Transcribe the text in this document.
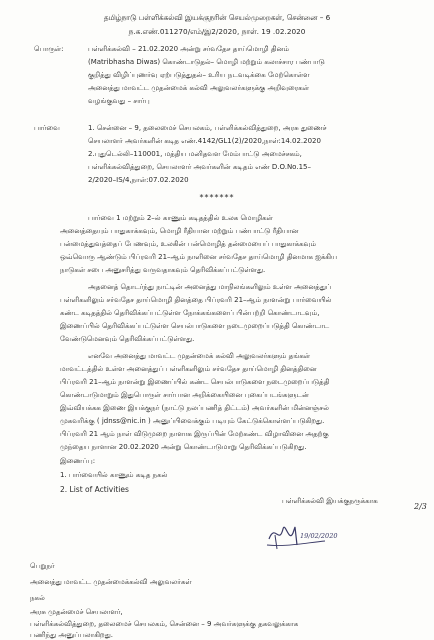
தமிழ்நாடு பள்ளிக்கல்வி இயக்குநரின் செயல்முறைகள், சென்னை – 6
ந.க.எண்.011270/எம்/இ2/2020, நாள். 19 .02.2020
பொருள்:	பள்ளிக்கல்வி – 21.02.2020 அன்று சர்வதேச தாய்மொழி தினம்
(Matribhasha Diwas) கொண்டாடுதல்– மொழி மற்றும் கலாச்சார பண்பாடு
குறித்து விழிப்புணர்வு ஏற்படுத்துதல்– உரிய நடவடிக்கை மேற்கொள்ள
அனைத்து மாவட்ட முதன்மைக் கல்வி அலுவலர்களுக்கு அறிவுரைகள்
வழங்குவது – சார்பு
பார்வை	1. சென்னை – 9, தலைமைச் செயலகம், பள்ளிக்கல்வித்துறை, அரசு துணைச்
செயலாளர் அவர்களின் கடித எண்.4142/GL1(2)/2020,நாள்:14.02.2020
2.புதுடெல்லி–110001, மத்திய மனிதவள மேம்பாட்டு அமைச்சகம்,
பள்ளிக்கல்வித்துறை, செயலாளர் அவர்களின் கடிதம் எண் D.O.No.15–
2/2020–IS/4,நாள்:07.02.2020
*******
பார்வை 1 மற்றும் 2–ல் காணும் கடிதத்தில் உலக மொழிகள்
அனைத்தையும் பாதுகாக்கவும், மொழி ரீதியான மற்றும் பண்பாட்டு ரீதியான
பன்மைத்துவத்தைப் பேணவும், உலகின் பன்மொழித் தன்மையைப் பாதுகாக்கவும்
ஒவ்வொரு ஆண்டும் பிப்ரவரி 21–ஆம் நாளினை சர்வதேச தாய்மொழி தினமாக ஐக்கிய
நாடுகள் சபை அனுசரித்து வருவதாகவும் தெரிவிக்கப்பட்டுள்ளது.
அதனைத் தொடர்ந்து நாட்டின் அனைத்து மாநிலங்களிலும் உள்ள அனைத்துப்
பள்ளிகளிலும் சர்வதேச தாய்மொழி தினத்தை பிப்ரவரி 21–ஆம் நாளன்று பார்வையில்
கண்ட கடிதத்தில் தெரிவிக்கப்பட்டுள்ள நோக்கங்களைப் பின்பற்றி கொண்டாடவும்,
இணைப்பில் தெரிவிக்கப்பட்டுள்ள செயல்பாடுகளை நடைமுறைப்படுத்தி கொண்டாட
வேண்டுமெனவும் தெரிவிக்கப்பட்டுள்ளது.
எனவே அனைத்து மாவட்ட முதன்மைக் கல்வி அலுவலர்களும் தங்கள்
மாவட்டத்தில் உள்ள அனைத்துப் பள்ளிகளிலும் சர்வதேச தாய்மொழி தினத்தினை
பிப்ரவரி 21–ஆம் நாளன்று இணைப்பில் கண்ட செயல்பாடுகளை நடைமுறைப்படுத்தி
கொண்டாடுமாறும் இதுபொருள் சார்பான அறிக்கையினை புகைப்படங்களுடன்
இவ்வியக்கக இணை இயக்குநர் (நாட்டு நலப்பணித் திட்டம்) அவர்களின் மின்னஞ்சல்
முகவரிக்கு ( jdnss@nic.in ) அனுப்பிவைக்கும் படியும் கேட்டுக்கொள்ளப்படுகிறது.
பிப்ரவரி 21 ஆம் நாள் விடுமுறை நாளாக இருப்பின் மேற்கண்ட விழாவினை அதற்கு
முந்தைய நாளான 20.02.2020 அன்று கொண்டாடுமாறு தெரிவிக்கப்படுகிறது.
இணைப்பு:
1. பார்வையில் காணும் கடித நகல்
2. List of Activities
பள்ளிக்கல்வி இயக்குநருக்காக
2/3
19/02/2020
பெறுநர்
அனைத்து மாவட்ட முதன்மைக்கல்வி அலுவலர்கள்
நகல்
அரசு முதன்மைச் செயலாளர்,
பள்ளிக்கல்வித்துறை, தலைமைச் செயலகம், சென்னை – 9 அவர்களுக்கு தகவலுக்காக
பணிந்து அனுப்பலாகிறது.
